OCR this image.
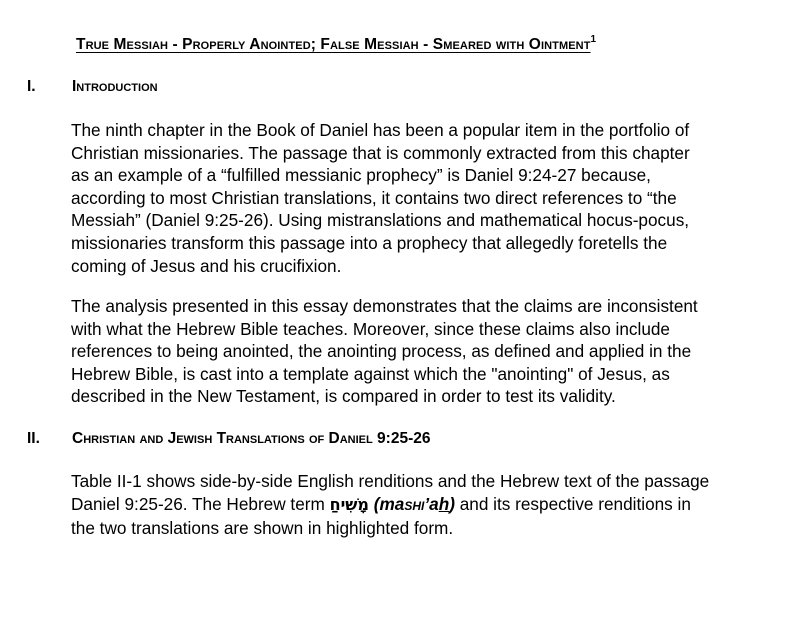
True Messiah - Properly Anointed; False Messiah - Smeared with Ointment$^1$
I. Introduction

The ninth chapter in the Book of Daniel has been a popular item in the portfolio of
Christian missionaries. The passage that is commonly extracted from this chapter
as an example of a “fulfilled messianic prophecy” is Daniel 9:24-27 because,
according to most Christian translations, it contains two direct references to “the
Messiah” (Daniel 9:25-26). Using mistranslations and mathematical hocus-pocus,
missionaries transform this passage into a prophecy that allegedly foretells the
coming of Jesus and his crucifixion.

The analysis presented in this essay demonstrates that the claims are inconsistent
with what the Hebrew Bible teaches. Moreover, since these claims also include
references to being anointed, the anointing process, as defined and applied in the
Hebrew Bible, is cast into a template against which the "anointing" of Jesus, as
described in the New Testament, is compared in order to test its validity.

II. Christian and Jewish Translations of Daniel 9:25-26

Table II-1 shows side-by-side English renditions and the Hebrew text of the passage
Daniel 9:25-26. The Hebrew term מָשִׁיחַ (maSHI’ah) and its respective renditions in
the two translations are shown in highlighted form.
